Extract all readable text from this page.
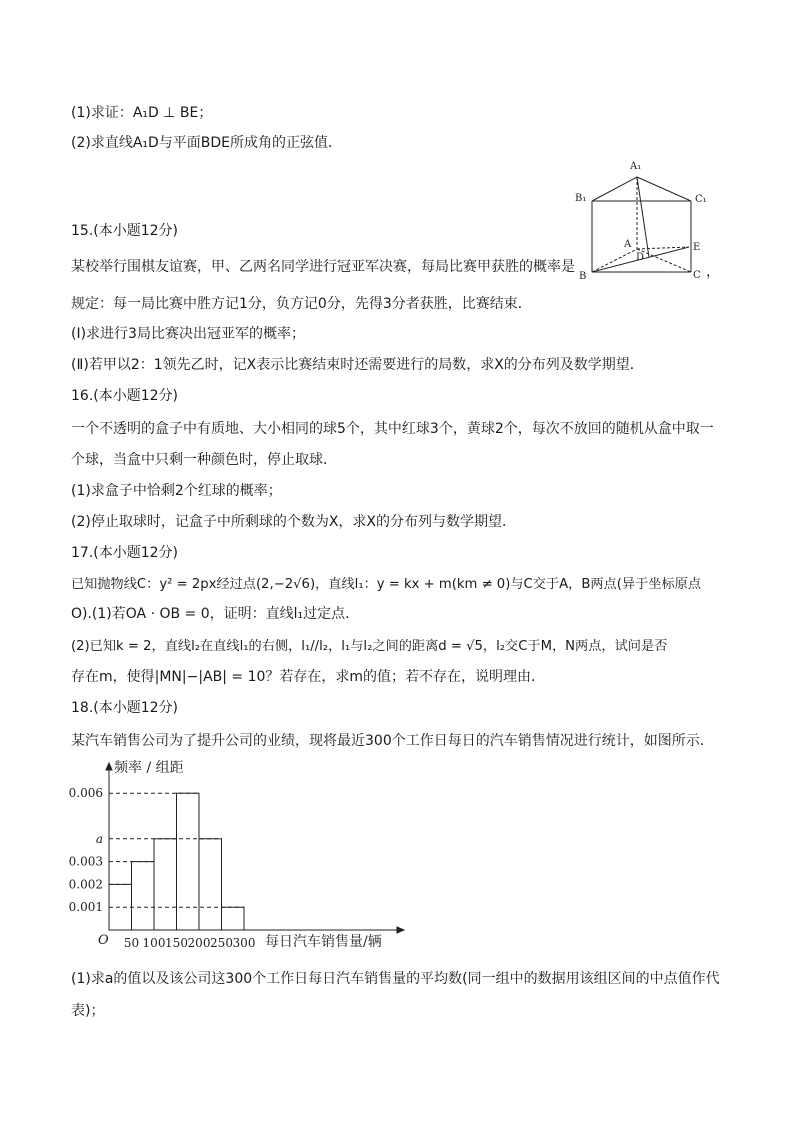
(1)求证：A₁D ⊥ BE；
(2)求直线A₁D与平面BDE所成角的正弦值．
A₁
B₁	C₁
A
D
E
B	C
15.(本小题12分)
某校举行围棋友谊赛，甲、乙两名同学进行冠亚军决赛，每局比赛甲获胜的概率是	，
规定：每一局比赛中胜方记1分，负方记0分，先得3分者获胜，比赛结束．
(Ⅰ)求进行3局比赛决出冠亚军的概率；
(Ⅱ)若甲以2：1领先乙时，记X表示比赛结束时还需要进行的局数，求X的分布列及数学期望．
16.(本小题12分)
一个不透明的盒子中有质地、大小相同的球5个，其中红球3个，黄球2个，每次不放回的随机从盒中取一
个球，当盒中只剩一种颜色时，停止取球．
(1)求盒子中恰剩2个红球的概率；
(2)停止取球时，记盒子中所剩球的个数为X，求X的分布列与数学期望．
17.(本小题12分)
已知抛物线C：y² = 2px经过点(2,−2√6)，直线l₁：y = kx + m(km ≠ 0)与C交于A，B两点(异于坐标原点
O).(1)若OA · OB = 0，证明：直线l₁过定点．
(2)已知k = 2，直线l₂在直线l₁的右侧，l₁//l₂，l₁与l₂之间的距离d = √5，l₂交C于M，N两点，试问是否
存在m，使得|MN|−|AB| = 10？若存在，求m的值；若不存在，说明理由．
18.(本小题12分)
某汽车销售公司为了提升公司的业绩，现将最近300个工作日每日的汽车销售情况进行统计，如图所示．
0.006
a
0.003
0.002
0.001
50 100 150 200 250 300
频率 / 组距
每日汽车销售量/辆
O
(1)求a的值以及该公司这300个工作日每日汽车销售量的平均数(同一组中的数据用该组区间的中点值作代
表)；
